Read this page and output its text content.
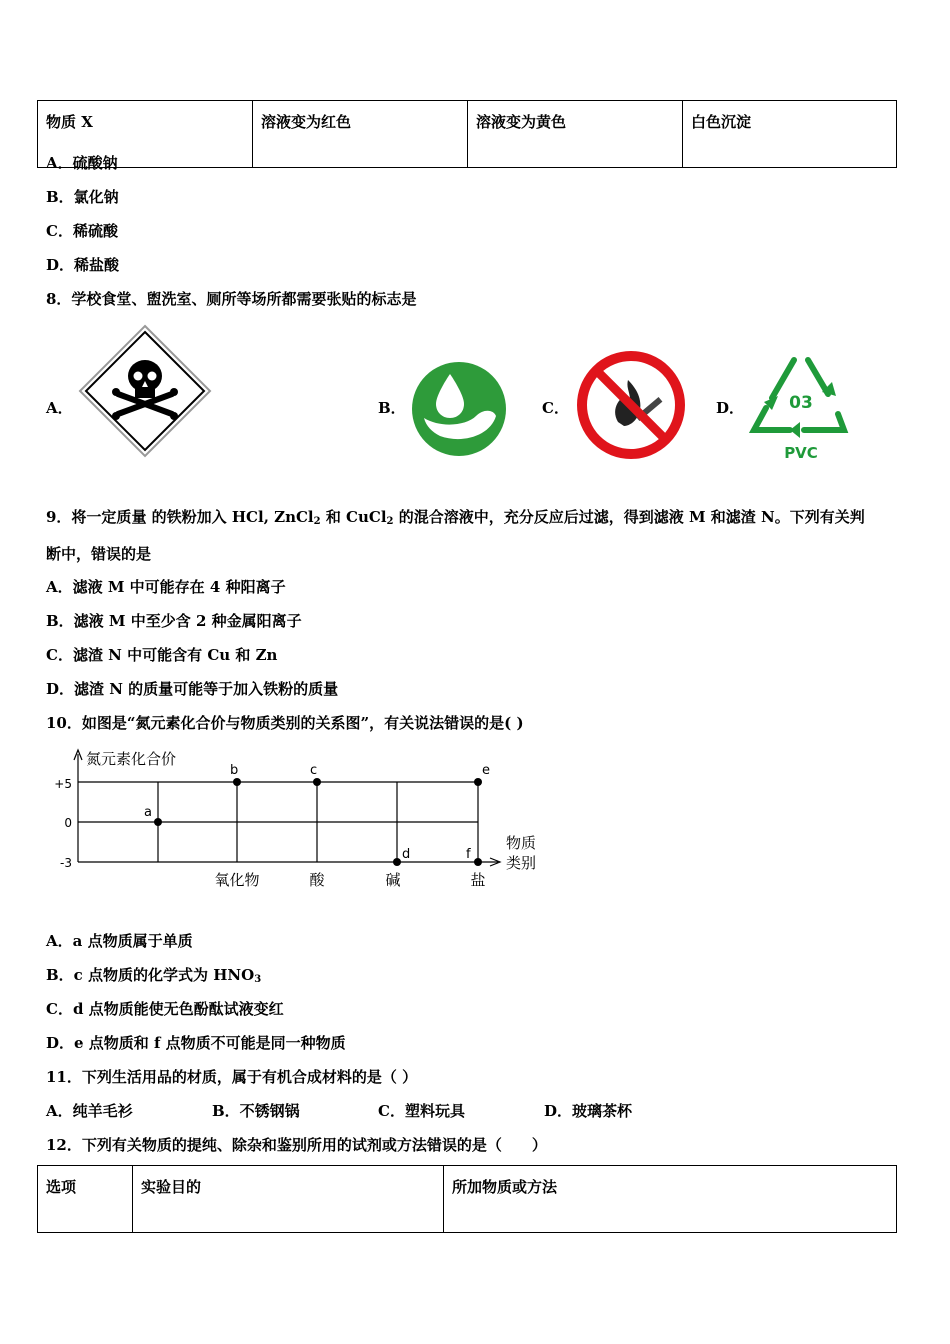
物质 X	溶液变为红色	溶液变为黄色	白色沉淀
A．硫酸钠
B．氯化钠
C．稀硫酸
D．稀盐酸
8．学校食堂、盥洗室、厕所等场所都需要张贴的标志是
A．	B．	C．	D．	03
PVC
9．将一定质量 的铁粉加入 HCl, ZnCl$_2$ 和 CuCl$_2$ 的混合溶液中，充分反应后过滤，得到滤液 M 和滤渣 N。下列有关判
断中，错误的是
A．滤液 M 中可能存在 4 种阳离子
B．滤液 M 中至少含 2 种金属阳离子
C．滤渣 N 中可能含有 Cu 和 Zn
D．滤渣 N 的质量可能等于加入铁粉的质量
10．如图是“氮元素化合价与物质类别的关系图”，有关说法错误的是( )
氮元素化合价
+5
0
-3
氧化物	酸	碱	盐
物质
类别
a
b	c
d
e
f
A．a 点物质属于单质
B．c 点物质的化学式为 $HNO_3$
C．d 点物质能使无色酚酞试液变红
D．e 点物质和 f 点物质不可能是同一种物质
11．下列生活用品的材质，属于有机合成材料的是（ ）
A．纯羊毛衫	B．不锈钢锅	C．塑料玩具	D．玻璃茶杯
12．下列有关物质的提纯、除杂和鉴别所用的试剂或方法错误的是（　　）
选项	实验目的	所加物质或方法
